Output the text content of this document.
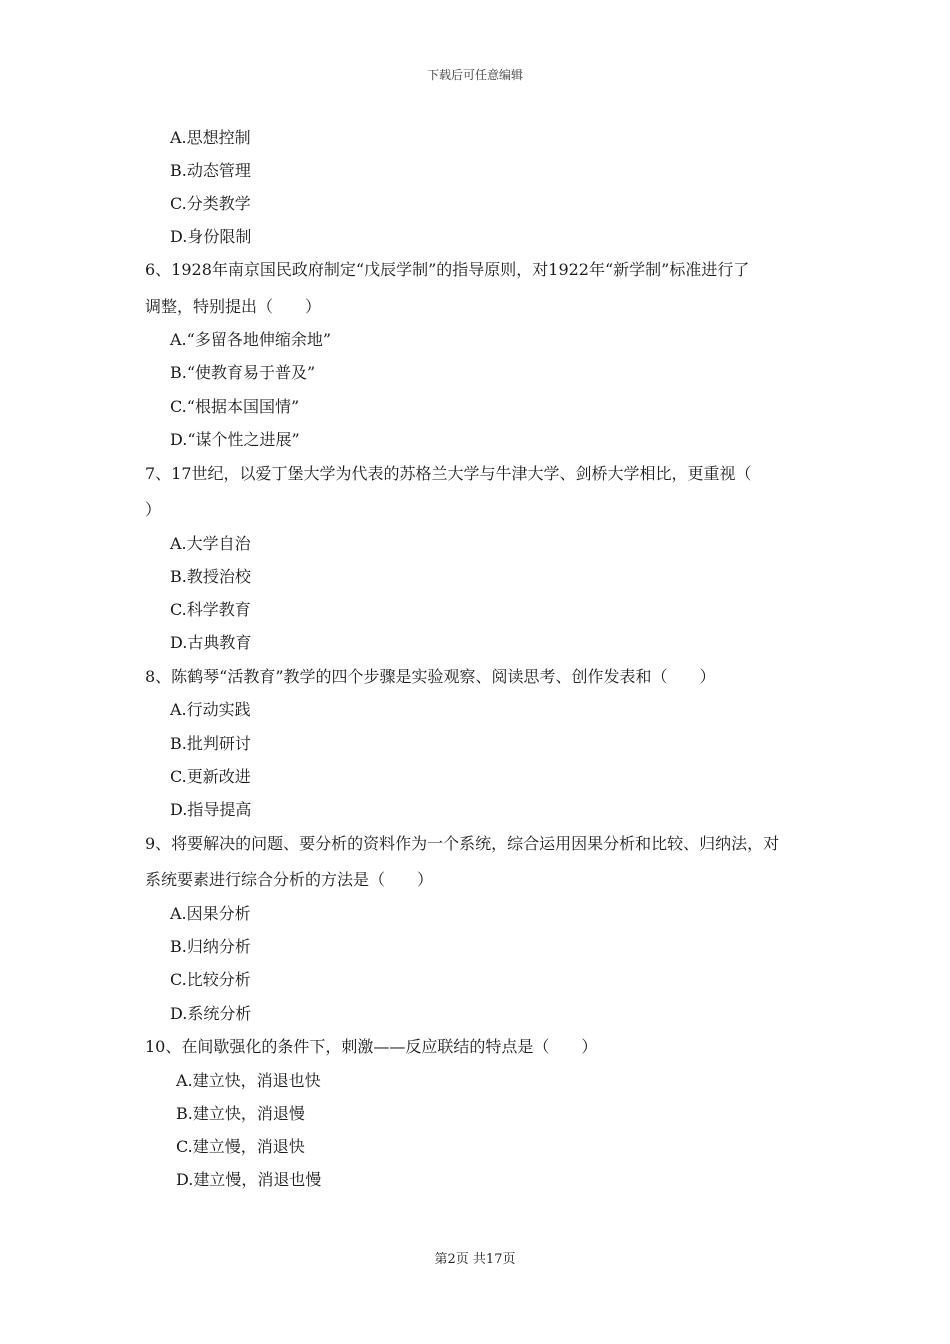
下载后可任意编辑
A.思想控制
B.动态管理
C.分类教学
D.身份限制
6、1928年南京国民政府制定“戊辰学制”的指导原则，对1922年“新学制”标准进行了
调整，特别提出（　　）
A.“多留各地伸缩余地”
B.“使教育易于普及”
C.“根据本国国情”
D.“谋个性之进展”
7、17世纪，以爱丁堡大学为代表的苏格兰大学与牛津大学、剑桥大学相比，更重视（
）
A.大学自治
B.教授治校
C.科学教育
D.古典教育
8、陈鹤琴“活教育”教学的四个步骤是实验观察、阅读思考、创作发表和（　　）
A.行动实践
B.批判研讨
C.更新改进
D.指导提高
9、将要解决的问题、要分析的资料作为一个系统，综合运用因果分析和比较、归纳法，对
系统要素进行综合分析的方法是（　　）
A.因果分析
B.归纳分析
C.比较分析
D.系统分析
10、在间歇强化的条件下，刺激——反应联结的特点是（　　）
A.建立快，消退也快
B.建立快，消退慢
C.建立慢，消退快
D.建立慢，消退也慢
第2页 共17页
